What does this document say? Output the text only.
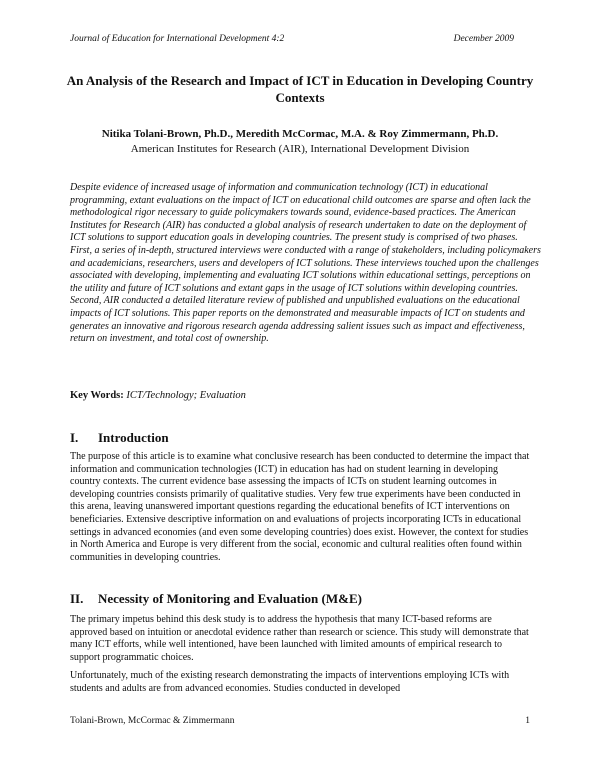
Journal of Education for International Development 4:2	December 2009
An Analysis of the Research and Impact of ICT in Education in Developing Country Contexts

Nitika Tolani-Brown, Ph.D., Meredith McCormac, M.A. & Roy Zimmermann, Ph.D.

American Institutes for Research (AIR), International Development Division

Despite evidence of increased usage of information and communication technology (ICT) in educational programming, extant evaluations on the impact of ICT on educational child outcomes are sparse and often lack the methodological rigor necessary to guide policymakers towards sound, evidence-based practices. The American Institutes for Research (AIR) has conducted a global analysis of research undertaken to date on the deployment of ICT solutions to support education goals in developing countries. The present study is comprised of two phases. First, a series of in-depth, structured interviews were conducted with a range of stakeholders, including policymakers and academicians, researchers, users and developers of ICT solutions. These interviews touched upon the challenges associated with developing, implementing and evaluating ICT solutions within educational settings, perceptions on the utility and future of ICT solutions and extant gaps in the usage of ICT solutions within developing countries. Second, AIR conducted a detailed literature review of published and unpublished evaluations on the educational impacts of ICT solutions. This paper reports on the demonstrated and measurable impacts of ICT on students and generates an innovative and rigorous research agenda addressing salient issues such as impact and effectiveness, return on investment, and total cost of ownership.

Key Words: ICT/Technology; Evaluation

I. Introduction

The purpose of this article is to examine what conclusive research has been conducted to determine the impact that information and communication technologies (ICT) in education has had on student learning in developing country contexts. The current evidence base assessing the impacts of ICTs on student learning outcomes in developing countries consists primarily of qualitative studies. Very few true experiments have been conducted in this arena, leaving unanswered important questions regarding the educational benefits of ICT interventions on beneficiaries. Extensive descriptive information on and evaluations of projects incorporating ICTs in educational settings in advanced economies (and even some developing countries) does exist. However, the context for studies in North America and Europe is very different from the social, economic and cultural realities often found within communities in developing countries.

II. Necessity of Monitoring and Evaluation (M&E)

The primary impetus behind this desk study is to address the hypothesis that many ICT-based reforms are approved based on intuition or anecdotal evidence rather than research or science. This study will demonstrate that many ICT efforts, while well intentioned, have been launched with limited amounts of empirical research to support programmatic choices.

Unfortunately, much of the existing research demonstrating the impacts of interventions employing ICTs with students and adults are from advanced economies. Studies conducted in developed

Tolani-Brown, McCormac & Zimmermann	1
